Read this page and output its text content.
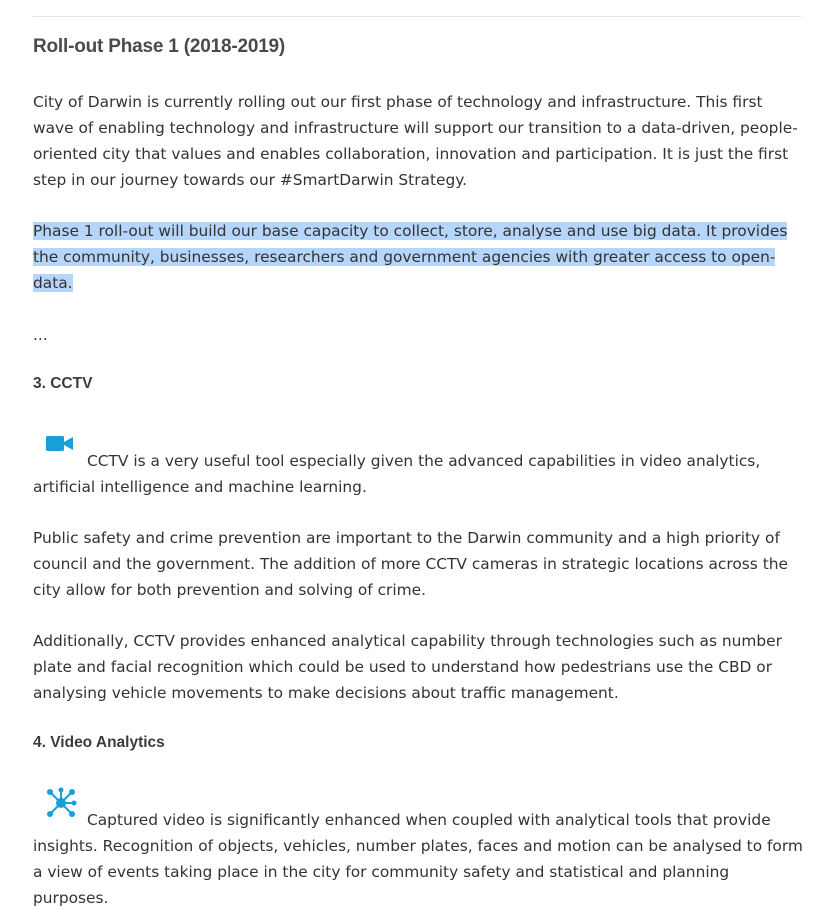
Roll-out Phase 1 (2018-2019)

City of Darwin is currently rolling out our first phase of technology and infrastructure. This first wave of enabling technology and infrastructure will support our transition to a data-driven, people-oriented city that values and enables collaboration, innovation and participation. It is just the first step in our journey towards our #SmartDarwin Strategy.

Phase 1 roll-out will build our base capacity to collect, store, analyse and use big data. It provides the community, businesses, researchers and government agencies with greater access to open-data.

...

3. CCTV

CCTV is a very useful tool especially given the advanced capabilities in video analytics, artificial intelligence and machine learning.

Public safety and crime prevention are important to the Darwin community and a high priority of council and the government. The addition of more CCTV cameras in strategic locations across the city allow for both prevention and solving of crime.

Additionally, CCTV provides enhanced analytical capability through technologies such as number plate and facial recognition which could be used to understand how pedestrians use the CBD or analysing vehicle movements to make decisions about traffic management.

4. Video Analytics

Captured video is significantly enhanced when coupled with analytical tools that provide insights. Recognition of objects, vehicles, number plates, faces and motion can be analysed to form a view of events taking place in the city for community safety and statistical and planning purposes.
